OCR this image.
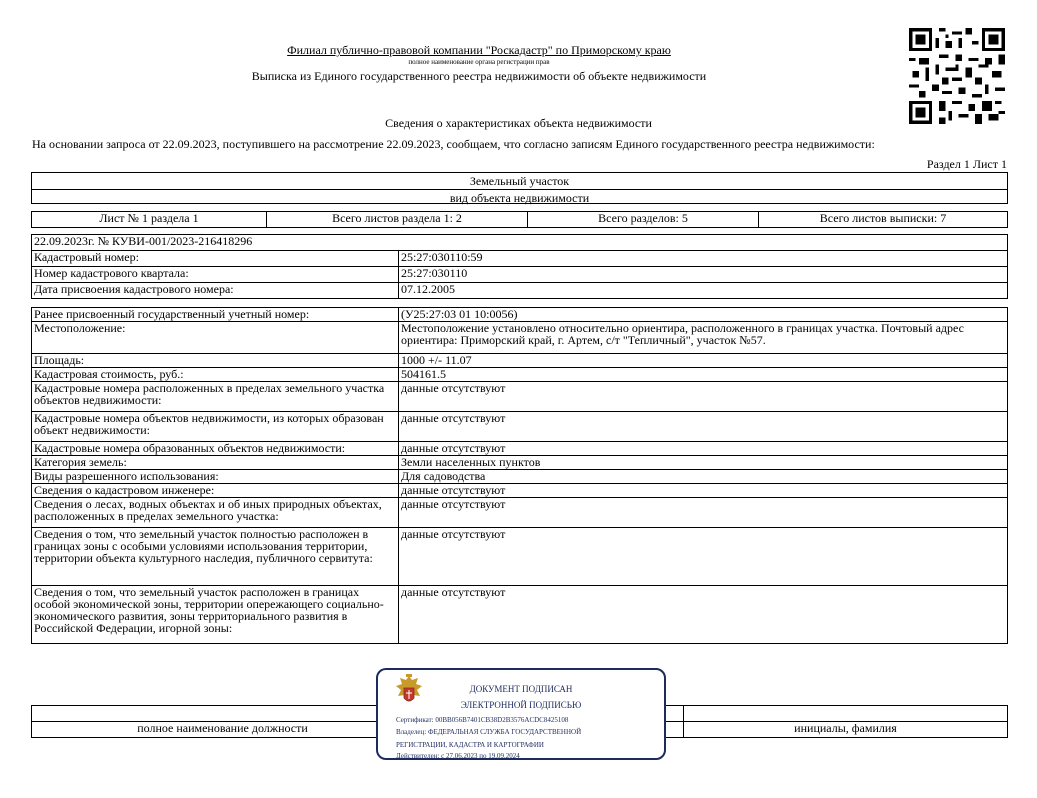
Филиал публично-правовой компании "Роскадастр" по Приморскому краю
полное наименование органа регистрации прав
Выписка из Единого государственного реестра недвижимости об объекте недвижимости
Сведения о характеристиках объекта недвижимости
На основании запроса от 22.09.2023, поступившего на рассмотрение 22.09.2023, сообщаем, что согласно записям Единого государственного реестра недвижимости:
Раздел 1 Лист 1
Земельный участок
вид объекта недвижимости
Лист № 1 раздела 1	Всего листов раздела 1: 2	Всего разделов: 5	Всего листов выписки: 7
22.09.2023г. № КУВИ-001/2023-216418296	
Кадастровый номер:	25:27:030110:59
Номер кадастрового квартала:	25:27:030110
Дата присвоения кадастрового номера:	07.12.2005
Ранее присвоенный государственный учетный номер:	(У25:27:03 01 10:0056)
Местоположение:	Местоположение установлено относительно ориентира, расположенного в границах участка. Почтовый адрес ориентира: Приморский край, г. Артем, с/т "Тепличный", участок №57.
Площадь:	1000 +/- 11.07
Кадастровая стоимость, руб.:	504161.5
Кадастровые номера расположенных в пределах земельного участка объектов недвижимости:	данные отсутствуют
Кадастровые номера объектов недвижимости, из которых образован объект недвижимости:	данные отсутствуют
Кадастровые номера образованных объектов недвижимости:	данные отсутствуют
Категория земель:	Земли населенных пунктов
Виды разрешенного использования:	Для садоводства
Сведения о кадастровом инженере:	данные отсутствуют
Сведения о лесах, водных объектах и об иных природных объектах, расположенных в пределах земельного участка:	данные отсутствуют
Сведения о том, что земельный участок полностью расположен в границах зоны с особыми условиями использования территории, территории объекта культурного наследия, публичного сервитута:	данные отсутствуют
Сведения о том, что земельный участок расположен в границах особой экономической зоны, территории опережающего социально-экономического развития, зоны территориального развития в Российской Федерации, игорной зоны:	данные отсутствуют

полное наименование должности		инициалы, фамилия
ДОКУМЕНТ ПОДПИСАН
ЭЛЕКТРОННОЙ ПОДПИСЬЮ
Сертификат: 00BB056B7401CB38D2B3576ACDC8425108
Владелец: ФЕДЕРАЛЬНАЯ СЛУЖБА ГОСУДАРСТВЕННОЙ
РЕГИСТРАЦИИ, КАДАСТРА И КАРТОГРАФИИ
Действителен: с 27.06.2023 по 19.09.2024
